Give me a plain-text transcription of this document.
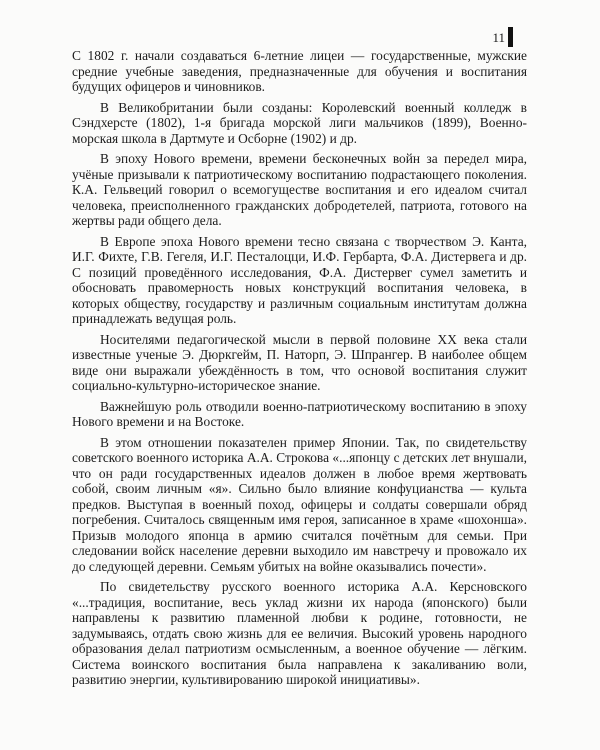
11

С 1802 г. начали создаваться 6-летние лицеи — государственные, мужские средние учебные заведения, предназначенные для обучения и воспитания будущих офицеров и чиновников.

В Великобритании были созданы: Королевский военный колледж в Сэндхерсте (1802), 1-я бригада морской лиги мальчиков (1899), Военно-морская школа в Дартмуте и Осборне (1902) и др.

В эпоху Нового времени, времени бесконечных войн за передел мира, учёные призывали к патриотическому воспитанию подрастающего поколения. К.А. Гельвеций говорил о всемогуществе воспитания и его идеалом считал человека, преисполненного гражданских добродетелей, патриота, готового на жертвы ради общего дела.

В Европе эпоха Нового времени тесно связана с творчеством Э. Канта, И.Г. Фихте, Г.В. Гегеля, И.Г. Песталоцци, И.Ф. Гербарта, Ф.А. Дистервега и др. С позиций проведённого исследования, Ф.А. Дистервег сумел заметить и обосновать правомерность новых конструкций воспитания человека, в которых обществу, государству и различным социальным институтам должна принадлежать ведущая роль.

Носителями педагогической мысли в первой половине XX века стали известные ученые Э. Дюркгейм, П. Наторп, Э. Шпрангер. В наиболее общем виде они выражали убеждённость в том, что основой воспитания служит социально-культурно-историческое знание.

Важнейшую роль отводили военно-патриотическому воспитанию в эпоху Нового времени и на Востоке.

В этом отношении показателен пример Японии. Так, по свидетельству советского военного историка А.А. Строкова «...японцу с детских лет внушали, что он ради государственных идеалов должен в любое время жертвовать собой, своим личным «я». Сильно было влияние конфуцианства — культа предков. Выступая в военный поход, офицеры и солдаты совершали обряд погребения. Считалось священным имя героя, записанное в храме «шохонша». Призыв молодого японца в армию считался почётным для семьи. При следовании войск население деревни выходило им навстречу и провожало их до следующей деревни. Семьям убитых на войне оказывались почести».

По свидетельству русского военного историка А.А. Керсновского «...традиция, воспитание, весь уклад жизни их народа (японского) были направлены к развитию пламенной любви к родине, готовности, не задумываясь, отдать свою жизнь для ее величия. Высокий уровень народного образования делал патриотизм осмысленным, а военное обучение — лёгким. Система воинского воспитания была направлена к закаливанию воли, развитию энергии, культивированию широкой инициативы».
